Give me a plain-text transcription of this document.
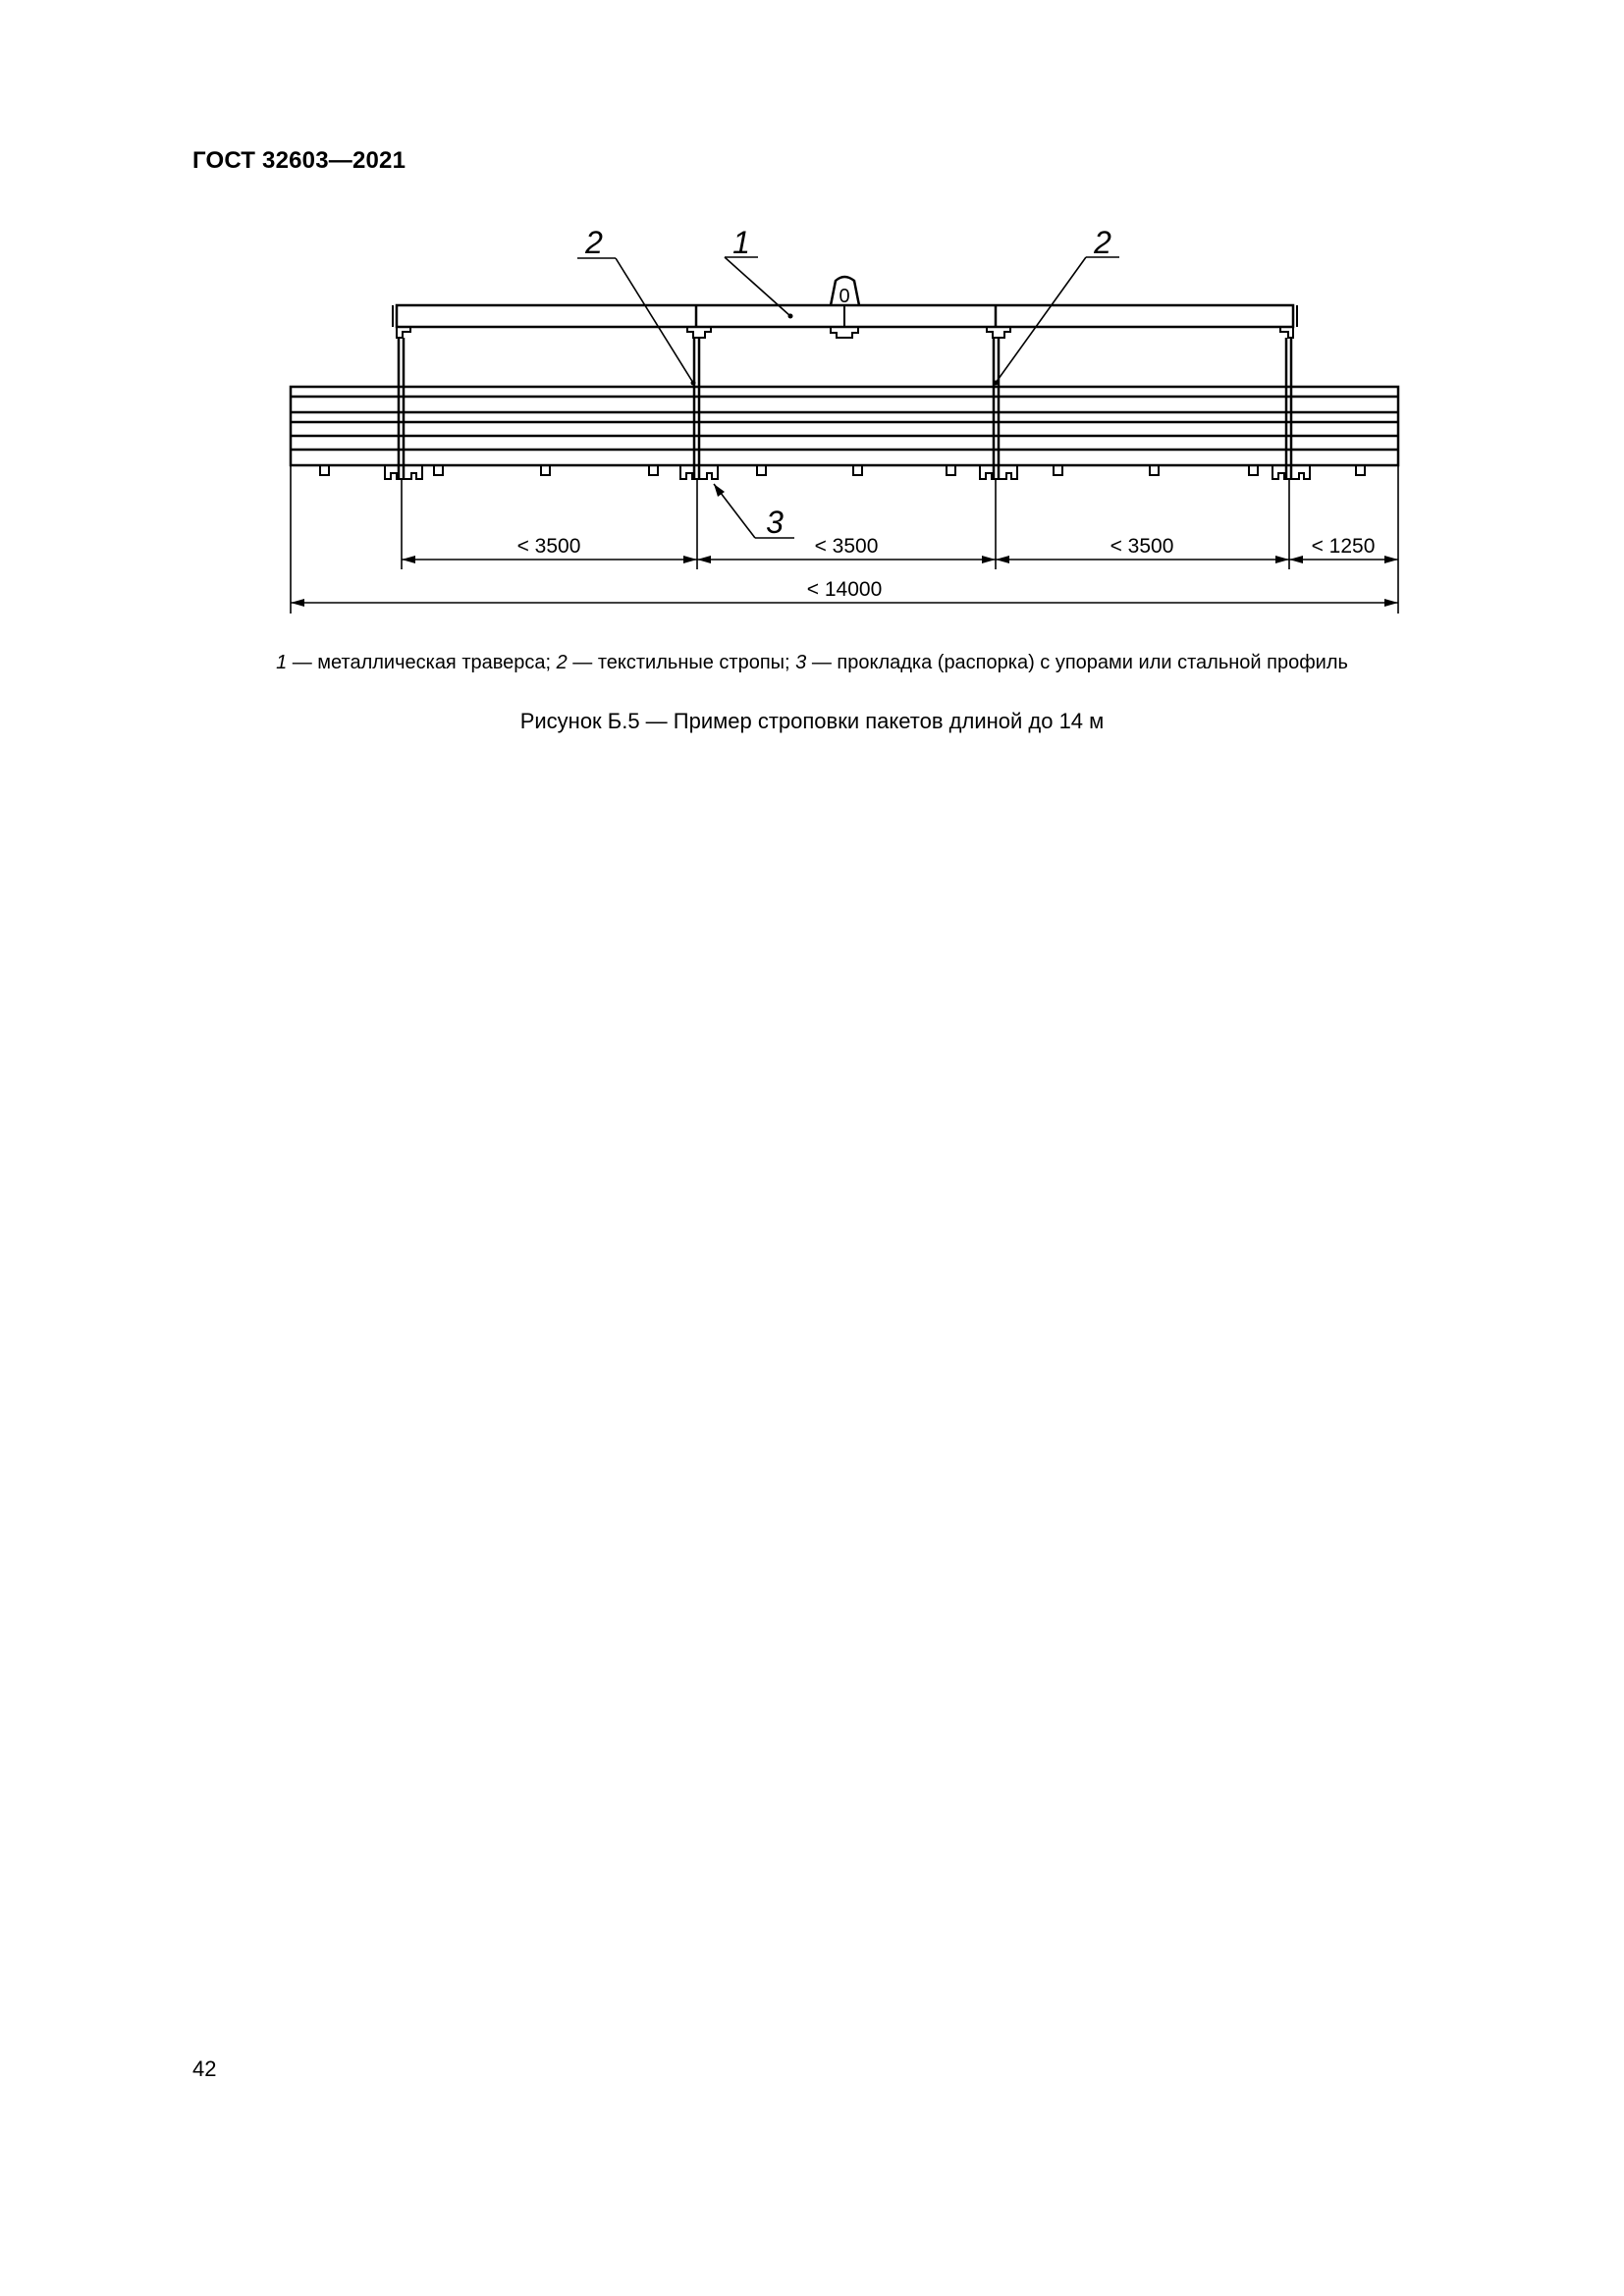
ГОСТ 32603—2021
0
2	1	2
3
< 3500	< 3500	< 3500	< 1250
< 14000
1 — металлическая траверса; 2 — текстильные стропы; 3 — прокладка (распорка) с упорами или стальной профиль
Рисунок Б.5 — Пример строповки пакетов длиной до 14 м
42
